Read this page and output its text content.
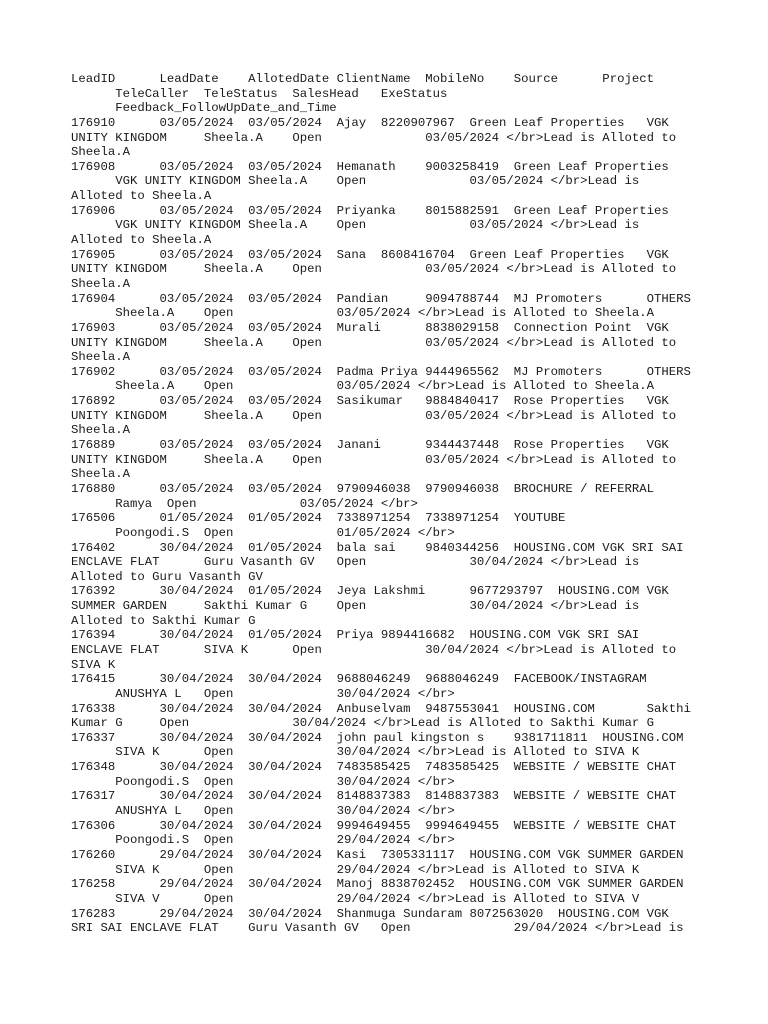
LeadID      LeadDate    AllotedDate ClientName  MobileNo    Source      Project
TeleCaller  TeleStatus  SalesHead   ExeStatus
Feedback_FollowUpDate_and_Time
176910      03/05/2024  03/05/2024  Ajay  8220907967  Green Leaf Properties   VGK
UNITY KINGDOM     Sheela.A    Open              03/05/2024 </br>Lead is Alloted to
Sheela.A
176908      03/05/2024  03/05/2024  Hemanath    9003258419  Green Leaf Properties
VGK UNITY KINGDOM Sheela.A    Open              03/05/2024 </br>Lead is
Alloted to Sheela.A
176906      03/05/2024  03/05/2024  Priyanka    8015882591  Green Leaf Properties
VGK UNITY KINGDOM Sheela.A    Open              03/05/2024 </br>Lead is
Alloted to Sheela.A
176905      03/05/2024  03/05/2024  Sana  8608416704  Green Leaf Properties   VGK
UNITY KINGDOM     Sheela.A    Open              03/05/2024 </br>Lead is Alloted to
Sheela.A
176904      03/05/2024  03/05/2024  Pandian     9094788744  MJ Promoters      OTHERS
Sheela.A    Open              03/05/2024 </br>Lead is Alloted to Sheela.A
176903      03/05/2024  03/05/2024  Murali      8838029158  Connection Point  VGK
UNITY KINGDOM     Sheela.A    Open              03/05/2024 </br>Lead is Alloted to
Sheela.A
176902      03/05/2024  03/05/2024  Padma Priya 9444965562  MJ Promoters      OTHERS
Sheela.A    Open              03/05/2024 </br>Lead is Alloted to Sheela.A
176892      03/05/2024  03/05/2024  Sasikumar   9884840417  Rose Properties   VGK
UNITY KINGDOM     Sheela.A    Open              03/05/2024 </br>Lead is Alloted to
Sheela.A
176889      03/05/2024  03/05/2024  Janani      9344437448  Rose Properties   VGK
UNITY KINGDOM     Sheela.A    Open              03/05/2024 </br>Lead is Alloted to
Sheela.A
176880      03/05/2024  03/05/2024  9790946038  9790946038  BROCHURE / REFERRAL
Ramya  Open              03/05/2024 </br>
176506      01/05/2024  01/05/2024  7338971254  7338971254  YOUTUBE
Poongodi.S  Open              01/05/2024 </br>
176402      30/04/2024  01/05/2024  bala sai    9840344256  HOUSING.COM VGK SRI SAI
ENCLAVE FLAT      Guru Vasanth GV   Open              30/04/2024 </br>Lead is
Alloted to Guru Vasanth GV
176392      30/04/2024  01/05/2024  Jeya Lakshmi      9677293797  HOUSING.COM VGK
SUMMER GARDEN     Sakthi Kumar G    Open              30/04/2024 </br>Lead is
Alloted to Sakthi Kumar G
176394      30/04/2024  01/05/2024  Priya 9894416682  HOUSING.COM VGK SRI SAI
ENCLAVE FLAT      SIVA K      Open              30/04/2024 </br>Lead is Alloted to
SIVA K
176415      30/04/2024  30/04/2024  9688046249  9688046249  FACEBOOK/INSTAGRAM
ANUSHYA L   Open              30/04/2024 </br>
176338      30/04/2024  30/04/2024  Anbuselvam  9487553041  HOUSING.COM       Sakthi
Kumar G     Open              30/04/2024 </br>Lead is Alloted to Sakthi Kumar G
176337      30/04/2024  30/04/2024  john paul kingston s    9381711811  HOUSING.COM
SIVA K      Open              30/04/2024 </br>Lead is Alloted to SIVA K
176348      30/04/2024  30/04/2024  7483585425  7483585425  WEBSITE / WEBSITE CHAT
Poongodi.S  Open              30/04/2024 </br>
176317      30/04/2024  30/04/2024  8148837383  8148837383  WEBSITE / WEBSITE CHAT
ANUSHYA L   Open              30/04/2024 </br>
176306      30/04/2024  30/04/2024  9994649455  9994649455  WEBSITE / WEBSITE CHAT
Poongodi.S  Open              29/04/2024 </br>
176260      29/04/2024  30/04/2024  Kasi  7305331117  HOUSING.COM VGK SUMMER GARDEN
SIVA K      Open              29/04/2024 </br>Lead is Alloted to SIVA K
176258      29/04/2024  30/04/2024  Manoj 8838702452  HOUSING.COM VGK SUMMER GARDEN
SIVA V      Open              29/04/2024 </br>Lead is Alloted to SIVA V
176283      29/04/2024  30/04/2024  Shanmuga Sundaram 8072563020  HOUSING.COM VGK
SRI SAI ENCLAVE FLAT    Guru Vasanth GV   Open              29/04/2024 </br>Lead is
